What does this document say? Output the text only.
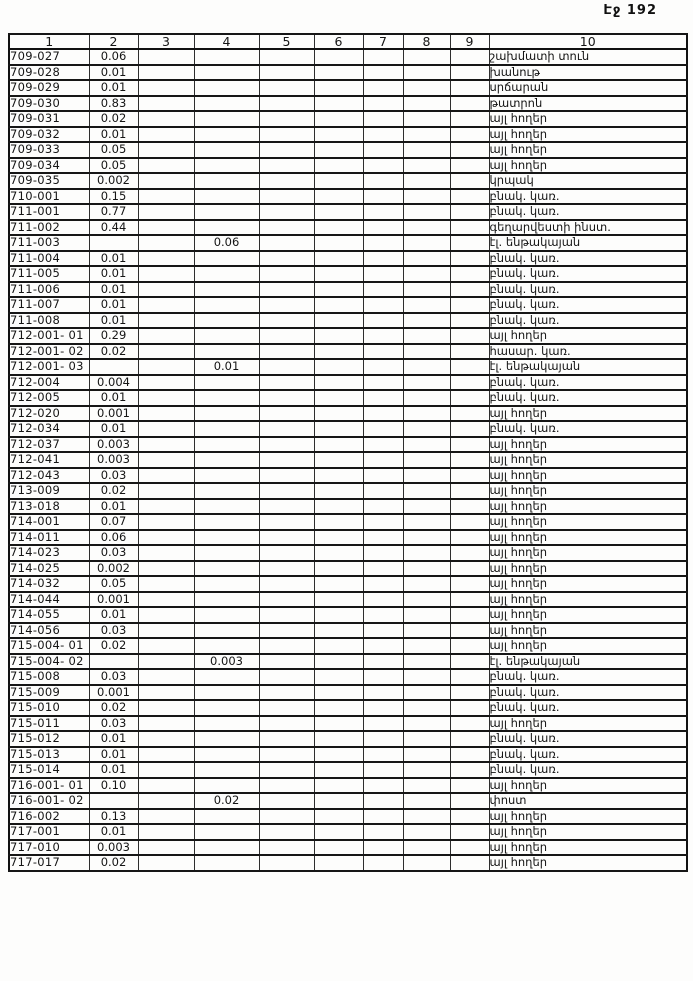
Էջ 192
1	2	3	4	5	6	7	8	9	10
709-027	0.06								շախմատի տուն
709-028	0.01								խանութ
709-029	0.01								սրճարան
709-030	0.83								թատրոն
709-031	0.02								այլ հողեր
709-032	0.01								այլ հողեր
709-033	0.05								այլ հողեր
709-034	0.05								այլ հողեր
709-035	0.002								կրպակ
710-001	0.15								բնակ. կառ.
711-001	0.77								բնակ. կառ.
711-002	0.44								գեղարվեստի ինստ.
711-003			0.06						էլ. ենթակայան
711-004	0.01								բնակ. կառ.
711-005	0.01								բնակ. կառ.
711-006	0.01								բնակ. կառ.
711-007	0.01								բնակ. կառ.
711-008	0.01								բնակ. կառ.
712-001- 01	0.29								այլ հողեր
712-001- 02	0.02								հասար. կառ.
712-001- 03			0.01						էլ. ենթակայան
712-004	0.004								բնակ. կառ.
712-005	0.01								բնակ. կառ.
712-020	0.001								այլ հողեր
712-034	0.01								բնակ. կառ.
712-037	0.003								այլ հողեր
712-041	0.003								այլ հողեր
712-043	0.03								այլ հողեր
713-009	0.02								այլ հողեր
713-018	0.01								այլ հողեր
714-001	0.07								այլ հողեր
714-011	0.06								այլ հողեր
714-023	0.03								այլ հողեր
714-025	0.002								այլ հողեր
714-032	0.05								այլ հողեր
714-044	0.001								այլ հողեր
714-055	0.01								այլ հողեր
714-056	0.03								այլ հողեր
715-004- 01	0.02								այլ հողեր
715-004- 02			0.003						էլ. ենթակայան
715-008	0.03								բնակ. կառ.
715-009	0.001								բնակ. կառ.
715-010	0.02								բնակ. կառ.
715-011	0.03								այլ հողեր
715-012	0.01								բնակ. կառ.
715-013	0.01								բնակ. կառ.
715-014	0.01								բնակ. կառ.
716-001- 01	0.10								այլ հողեր
716-001- 02			0.02						փոստ
716-002	0.13								այլ հողեր
717-001	0.01								այլ հողեր
717-010	0.003								այլ հողեր
717-017	0.02								այլ հողեր
